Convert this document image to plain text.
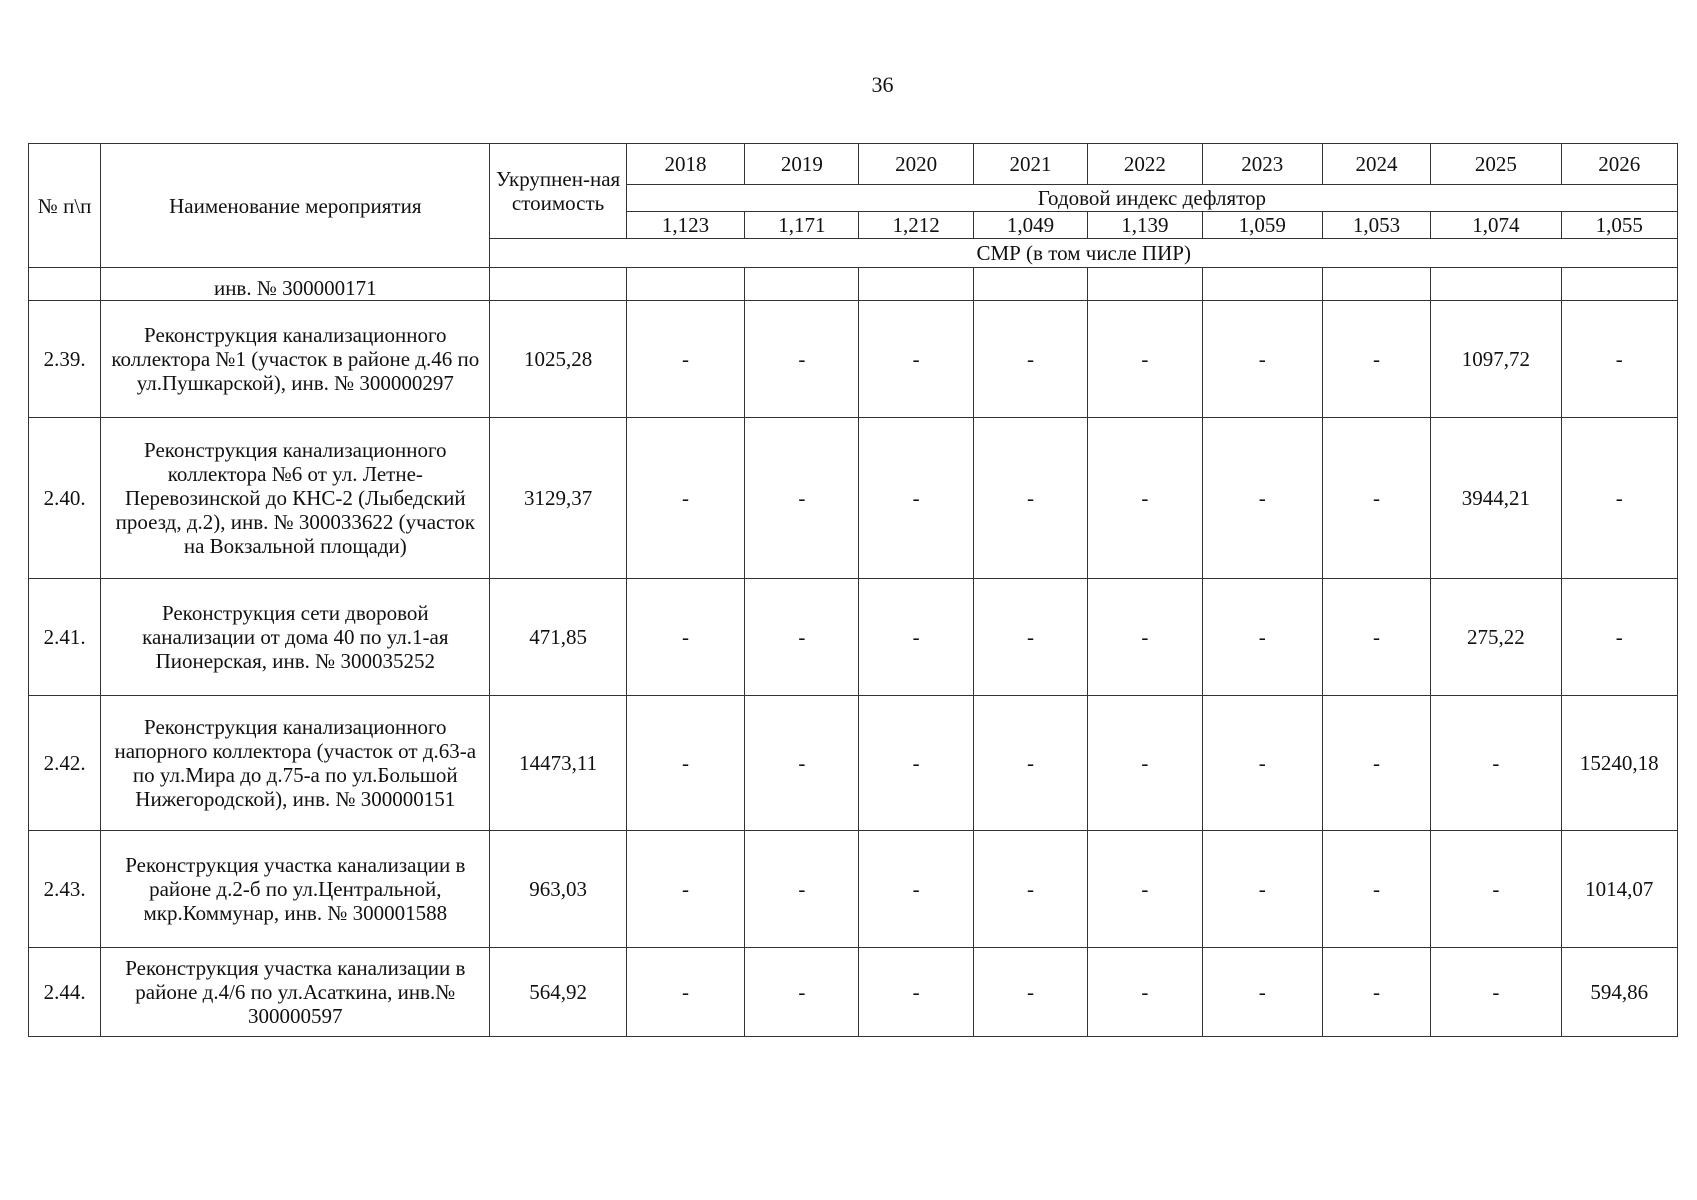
36
№ п\п	Наименование мероприятия	Укрупнен-ная стоимость	2018	2019	2020	2021	2022	2023	2024	2025	2026
			Годовой индекс дефлятор								
			1,123	1,171	1,212	1,049	1,139	1,059	1,053	1,074	1,055
		СМР (в том числе ПИР)									
	инв. № 300000171										
2.39.	Реконструкция канализационного коллектора №1 (участок в районе д.46 по ул.Пушкарской), инв. № 300000297	1025,28	-	-	-	-	-	-	-	1097,72	-
2.40.	Реконструкция канализационного коллектора №6 от ул. Летне-Перевозинской до КНС-2 (Лыбедский проезд, д.2), инв. № 300033622 (участок на Вокзальной площади)	3129,37	-	-	-	-	-	-	-	3944,21	-
2.41.	Реконструкция сети дворовой канализации от дома 40 по ул.1-ая Пионерская, инв. № 300035252	471,85	-	-	-	-	-	-	-	275,22	-
2.42.	Реконструкция канализационного напорного коллектора (участок от д.63-а по ул.Мира до д.75-а по ул.Большой Нижегородской), инв. № 300000151	14473,11	-	-	-	-	-	-	-	-	15240,18
2.43.	Реконструкция участка канализации в районе д.2-б по ул.Центральной, мкр.Коммунар, инв. № 300001588	963,03	-	-	-	-	-	-	-	-	1014,07
2.44.	Реконструкция участка канализации в районе д.4/6 по ул.Асаткина, инв.№ 300000597	564,92	-	-	-	-	-	-	-	-	594,86
